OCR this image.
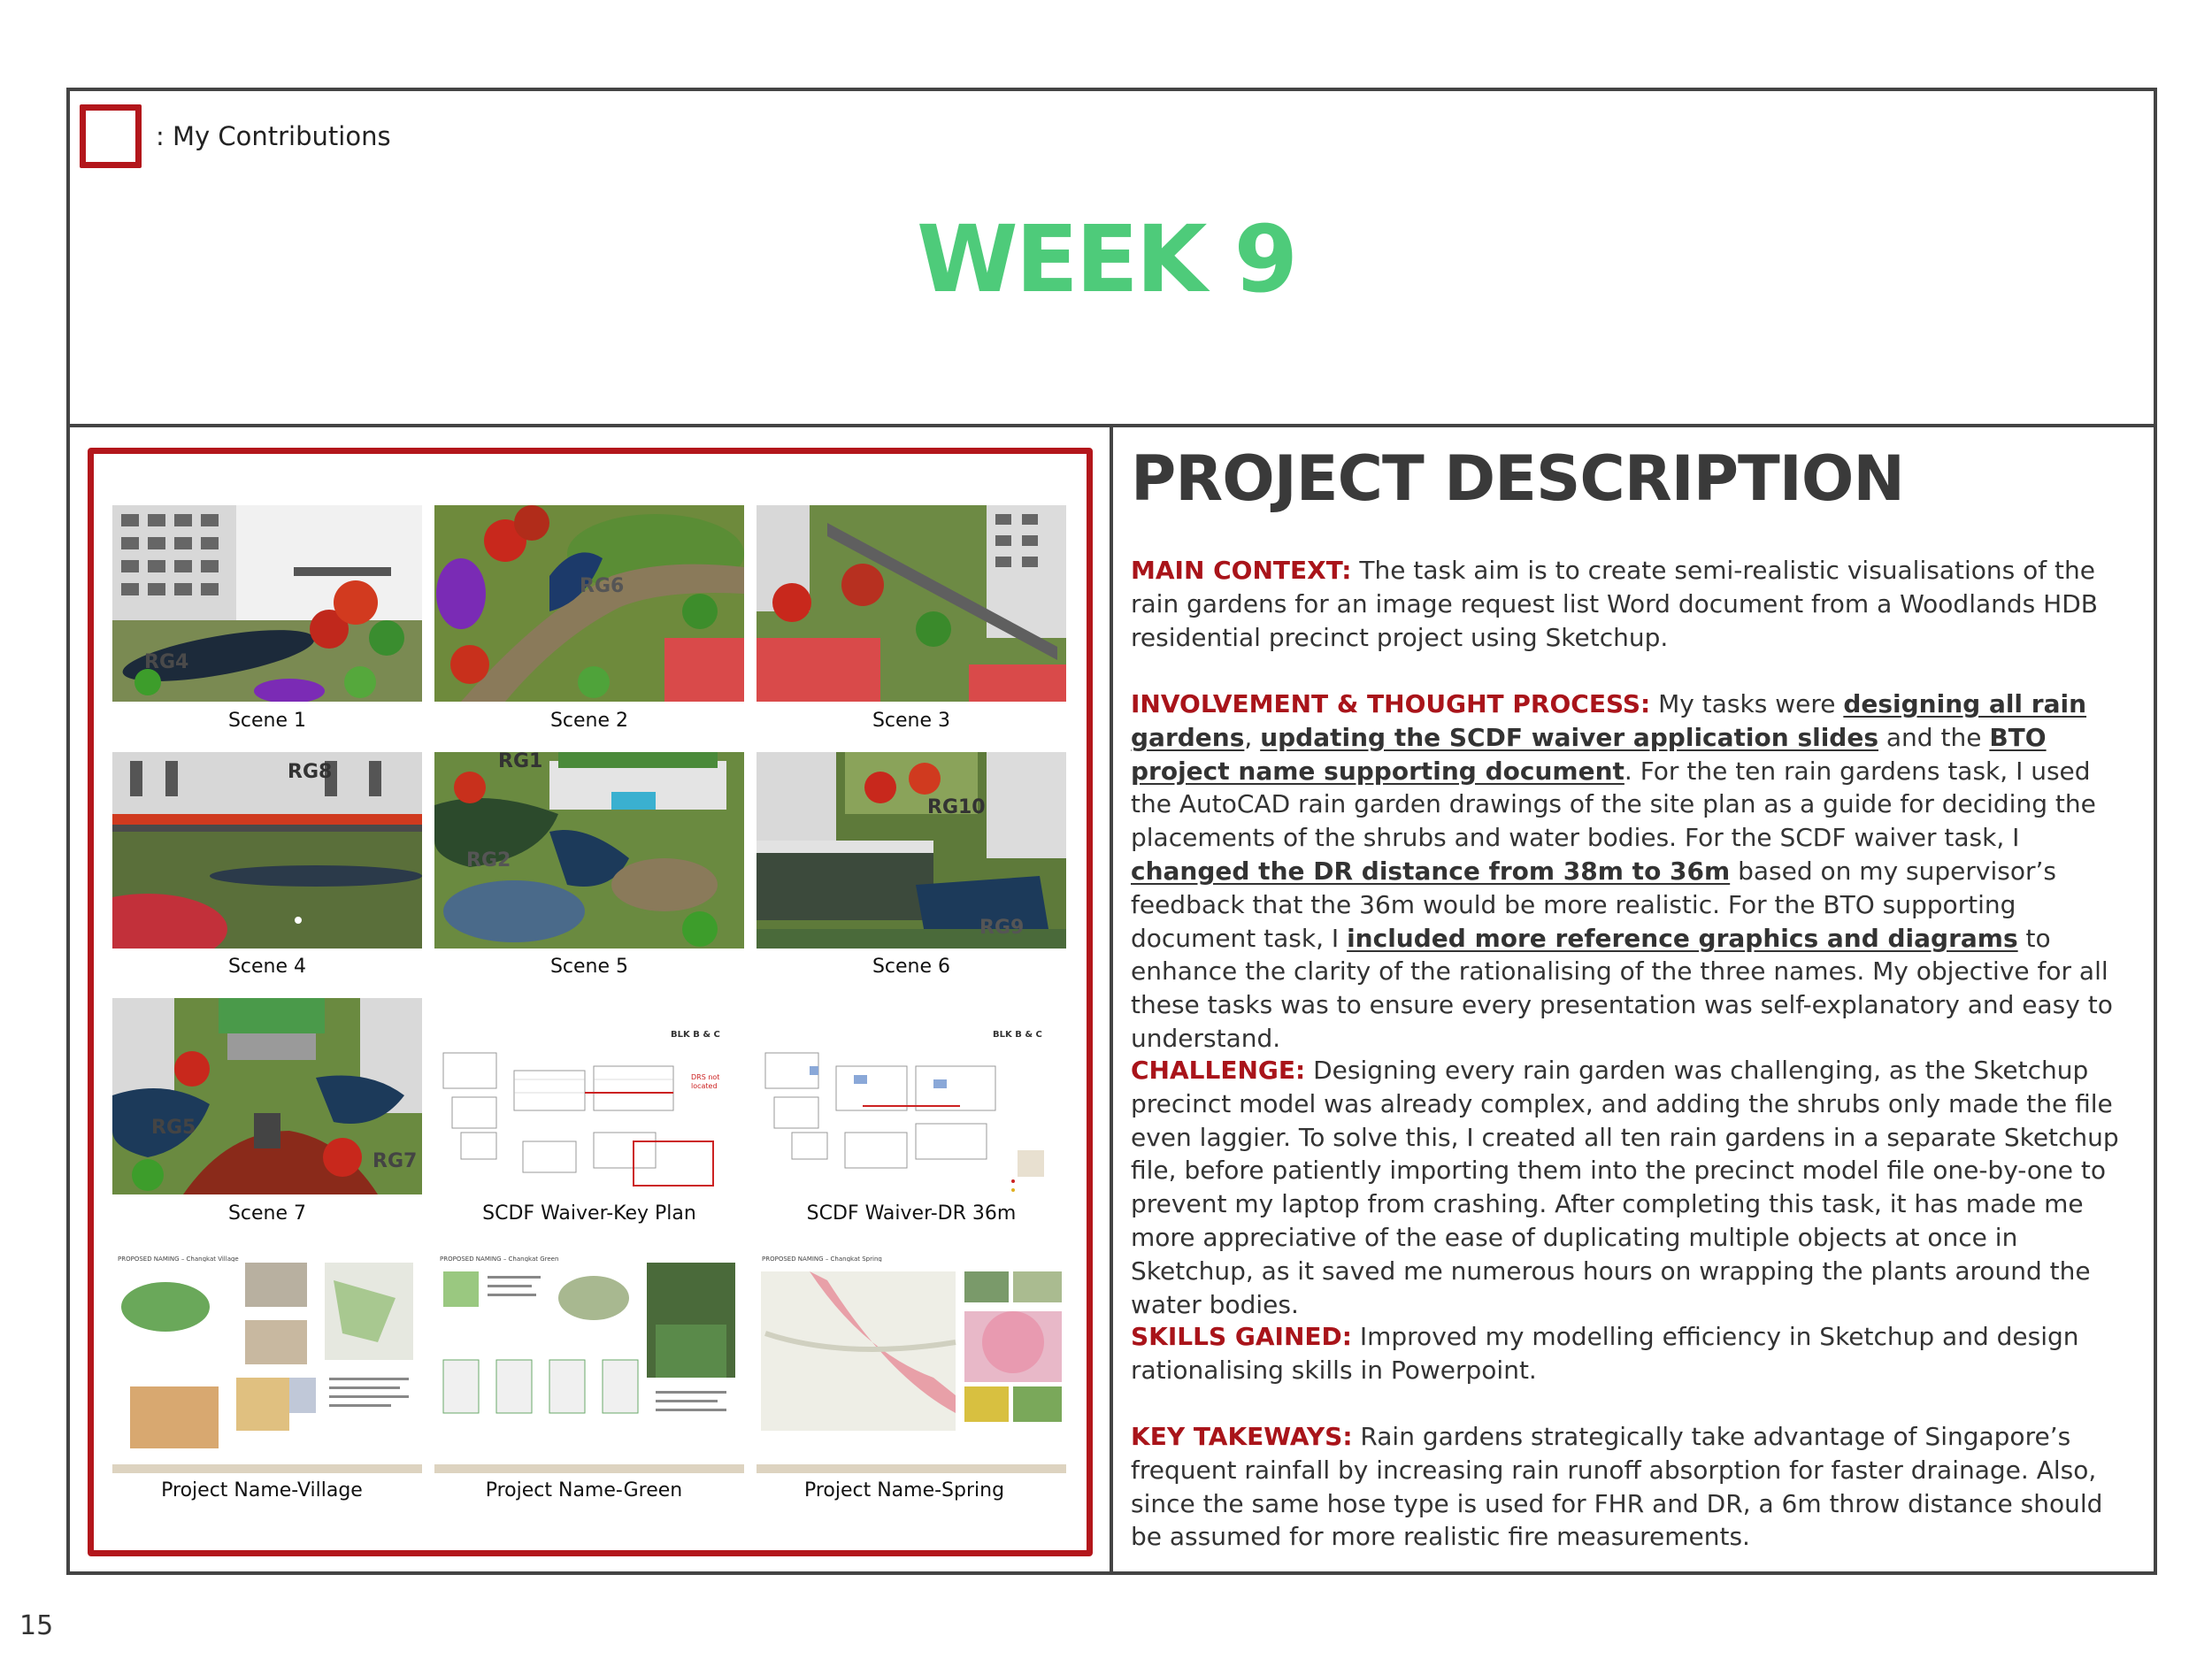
: My Contributions
WEEK 9
RG4
RG6
RG8	RG1
RG2
RG10
RG9
RG5
RG7
DRS not
located
BLK B & C	BLK B & C
PROPOSED NAMING – Changkat Village	PROPOSED NAMING – Changkat Green	PROPOSED NAMING – Changkat Spring
Scene 1	Scene 2	Scene 3
Scene 4	Scene 5	Scene 6
Scene 7	SCDF Waiver-Key Plan	SCDF Waiver-DR 36m
Project Name-Village	Project Name-Green	Project Name-Spring
PROJECT DESCRIPTION
MAIN CONTEXT: The task aim is to create semi-realistic visualisations of the rain gardens for an image request list Word document from a Woodlands HDB residential precinct project using Sketchup.
INVOLVEMENT & THOUGHT PROCESS: My tasks were designing all rain gardens, updating the SCDF waiver application slides and the BTO project name supporting document. For the ten rain gardens task, I used the AutoCAD rain garden drawings of the site plan as a guide for deciding the placements of the shrubs and water bodies. For the SCDF waiver task, I changed the DR distance from 38m to 36m based on my supervisor’s feedback that the 36m would be more realistic. For the BTO supporting document task, I included more reference graphics and diagrams to enhance the clarity of the rationalising of the three names. My objective for all these tasks was to ensure every presentation was self-explanatory and easy to understand.
CHALLENGE: Designing every rain garden was challenging, as the Sketchup precinct model was already complex, and adding the shrubs only made the file even laggier. To solve this, I created all ten rain gardens in a separate Sketchup file, before patiently importing them into the precinct model file one-by-one to prevent my laptop from crashing. After completing this task, it has made me more appreciative of the ease of duplicating multiple objects at once in Sketchup, as it saved me numerous hours on wrapping the plants around the water bodies.
SKILLS GAINED: Improved my modelling efficiency in Sketchup and design rationalising skills in Powerpoint.
KEY TAKEWAYS: Rain gardens strategically take advantage of Singapore’s frequent rainfall by increasing rain runoff absorption for faster drainage. Also, since the same hose type is used for FHR and DR, a 6m throw distance should be assumed for more realistic fire measurements.
15
